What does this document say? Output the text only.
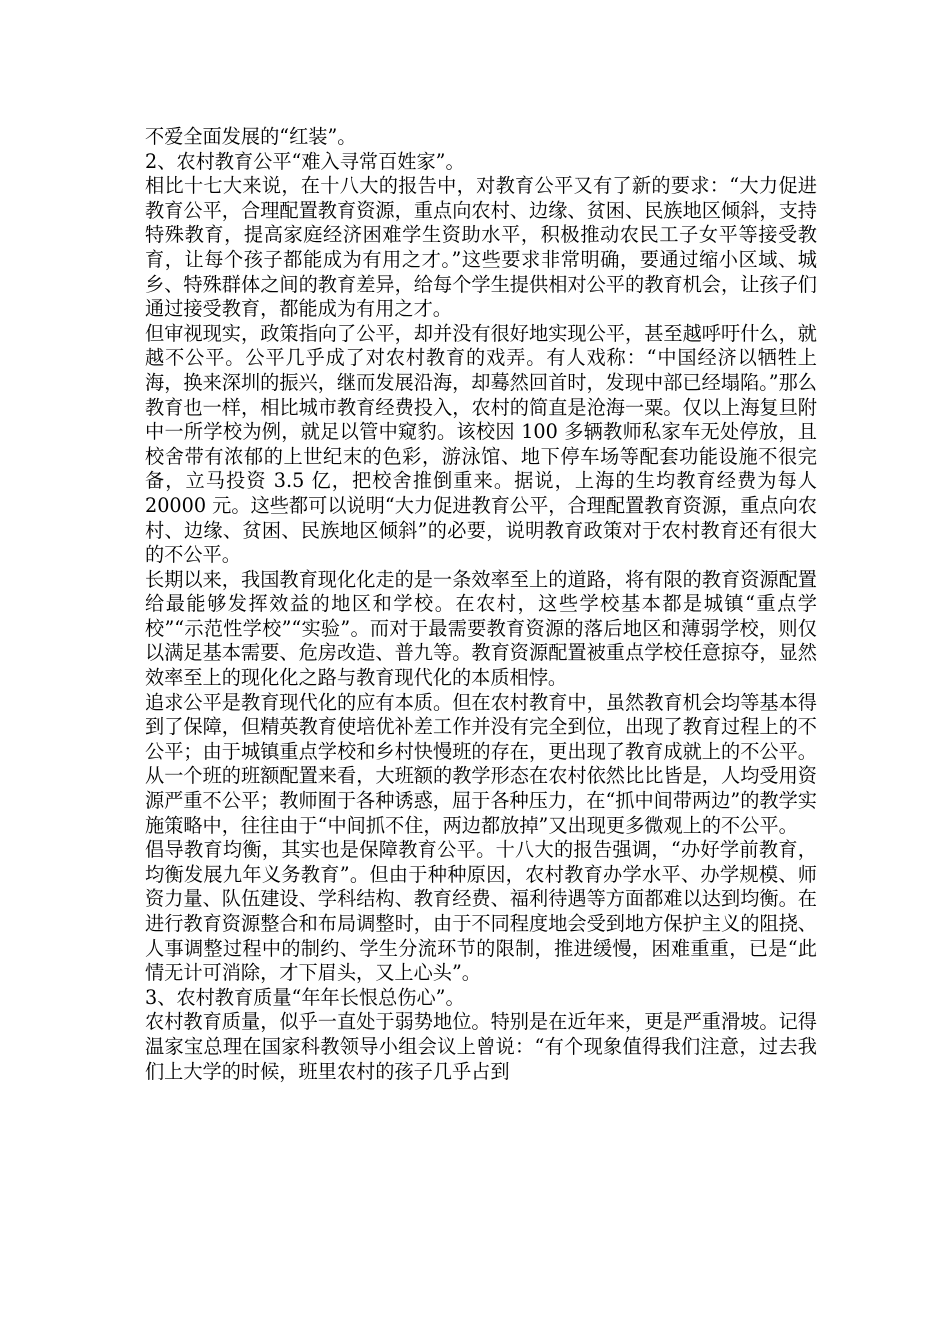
不爱全面发展的“红装”。

2、农村教育公平“难入寻常百姓家”。

相比十七大来说，在十八大的报告中，对教育公平又有了新的要求：“大力促进教育公平，合理配置教育资源，重点向农村、边缘、贫困、民族地区倾斜，支持特殊教育，提高家庭经济困难学生资助水平，积极推动农民工子女平等接受教育，让每个孩子都能成为有用之才。”这些要求非常明确，要通过缩小区域、城乡、特殊群体之间的教育差异，给每个学生提供相对公平的教育机会，让孩子们通过接受教育，都能成为有用之才。

但审视现实，政策指向了公平，却并没有很好地实现公平，甚至越呼吁什么，就越不公平。公平几乎成了对农村教育的戏弄。有人戏称：“中国经济以牺牲上海，换来深圳的振兴，继而发展沿海，却蓦然回首时，发现中部已经塌陷。”那么教育也一样，相比城市教育经费投入，农村的简直是沧海一粟。仅以上海复旦附中一所学校为例，就足以管中窥豹。该校因 100 多辆教师私家车无处停放，且校舍带有浓郁的上世纪末的色彩，游泳馆、地下停车场等配套功能设施不很完备，立马投资 3.5 亿，把校舍推倒重来。据说，上海的生均教育经费为每人 20000 元。这些都可以说明“大力促进教育公平，合理配置教育资源，重点向农村、边缘、贫困、民族地区倾斜”的必要，说明教育政策对于农村教育还有很大的不公平。

长期以来，我国教育现化化走的是一条效率至上的道路，将有限的教育资源配置给最能够发挥效益的地区和学校。在农村，这些学校基本都是城镇“重点学校”“示范性学校”“实验”。而对于最需要教育资源的落后地区和薄弱学校，则仅以满足基本需要、危房改造、普九等。教育资源配置被重点学校任意掠夺，显然效率至上的现化化之路与教育现代化的本质相悖。

追求公平是教育现代化的应有本质。但在农村教育中，虽然教育机会均等基本得到了保障，但精英教育使培优补差工作并没有完全到位，出现了教育过程上的不公平；由于城镇重点学校和乡村快慢班的存在，更出现了教育成就上的不公平。从一个班的班额配置来看，大班额的教学形态在农村依然比比皆是，人均受用资源严重不公平；教师囿于各种诱惑，屈于各种压力，在“抓中间带两边”的教学实施策略中，往往由于“中间抓不住，两边都放掉”又出现更多微观上的不公平。

倡导教育均衡，其实也是保障教育公平。十八大的报告强调，“办好学前教育，均衡发展九年义务教育”。但由于种种原因，农村教育办学水平、办学规模、师资力量、队伍建设、学科结构、教育经费、福利待遇等方面都难以达到均衡。在进行教育资源整合和布局调整时，由于不同程度地会受到地方保护主义的阻挠、人事调整过程中的制约、学生分流环节的限制，推进缓慢，困难重重，已是“此情无计可消除，才下眉头，又上心头”。

3、农村教育质量“年年长恨总伤心”。

农村教育质量，似乎一直处于弱势地位。特别是在近年来，更是严重滑坡。记得温家宝总理在国家科教领导小组会议上曾说：“有个现象值得我们注意，过去我们上大学的时候，班里农村的孩子几乎占到
